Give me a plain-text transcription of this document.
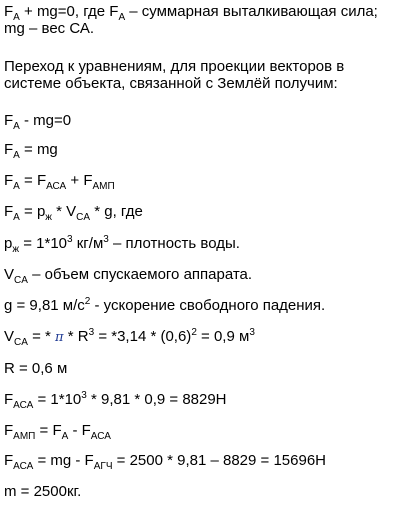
$F_A + mg=0$, где $F_A$ – суммарная выталкивающая сила; mg – вес СА.
Переход к уравнениям, для проекции векторов в системе объекта, связанной с Землёй получим:
$F_A - mg=0$
$F_A$ = mg
$F_A = F_{АСА} + F_{АМП}$
$F_A = р_ж * V_{CA} * g$, где
$р_ж = 1*10^3$ $кг/м^3$ – плотность воды.
$V_{CA}$ – объем спускаемого аппарата.
g = 9,81 $м/с^2$ - ускорение свободного падения.
$V_{CA}$ = * $\pi * R^3 = *3,14 * (0,6)^2 = 0,9$ $м^3$
R = 0,6 м
$F_{АСА} = 1*10^3 * 9,81 * 0,9 = 8829Н$
$F_{АМП} = F_A - F_{АСА}$
$F_{АСА}$ = mg - $F_{АГЧ} = 2500 * 9,81 - 8829 = 15696Н$
m = 2500кг.
